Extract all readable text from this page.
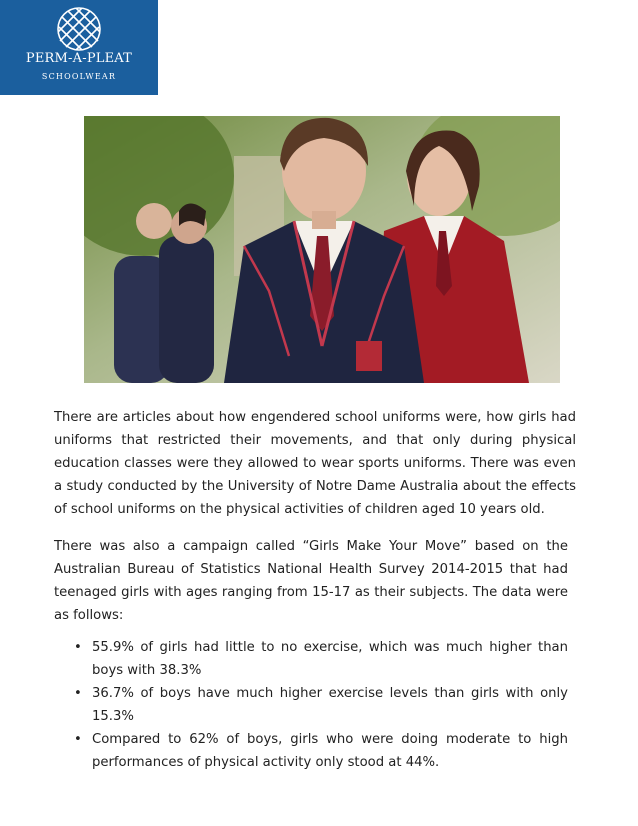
PERM-A-PLEAT
SCHOOLWEAR
There are articles about how engendered school uniforms were, how girls had uniforms that restricted their movements, and that only during physical education classes were they allowed to wear sports uniforms. There was even a study conducted by the University of Notre Dame Australia about the effects of school uniforms on the physical activities of children aged 10 years old.
There was also a campaign called “Girls Make Your Move” based on the Australian Bureau of Statistics National Health Survey 2014-2015 that had teenaged girls with ages ranging from 15-17 as their subjects. The data were as follows:
• 55.9% of girls had little to no exercise, which was much higher than boys with 38.3%
• 36.7% of boys have much higher exercise levels than girls with only 15.3%
• Compared to 62% of boys, girls who were doing moderate to high performances of physical activity only stood at 44%.
